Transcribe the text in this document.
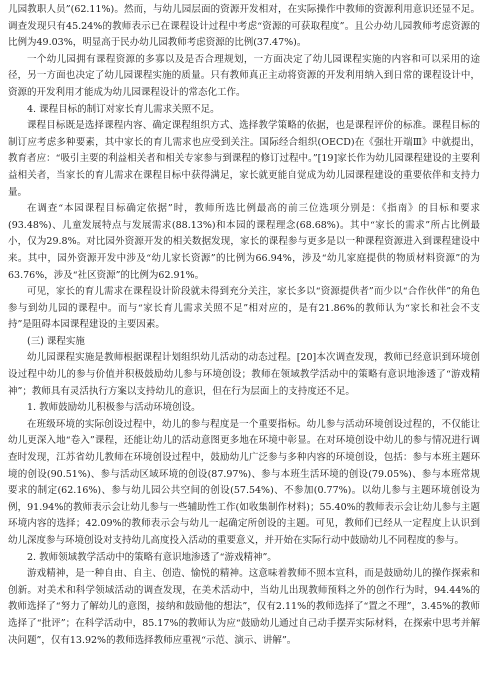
儿园教职人员”(62.11%)。然而，与幼儿园层面的资源开发相对，在实际操作中教师的资源利用意识还显不足。调查发现只有45.24%的教师表示已在课程设计过程中考虑“资源的可获取程度”。且公办幼儿园教师考虑资源的比例为49.03%，明显高于民办幼儿园教师考虑资源的比例(37.47%)。

一个幼儿园拥有课程资源的多寡以及是否合理规划，一方面决定了幼儿园课程实施的内容和可以采用的途径，另一方面也决定了幼儿园课程实施的质量。只有教师真正主动将资源的开发利用纳入到日常的课程设计中，资源的开发利用才能成为幼儿园课程设计的常态化工作。

4. 课程目标的制订对家长育儿需求关照不足。

课程目标既是选择课程内容、确定课程组织方式、选择教学策略的依据，也是课程评价的标准。课程目标的制订应考虑多种要素，其中家长的育儿需求也应受到关注。国际经合组织(OECD)在《强壮开端Ⅲ》中就提出，教育者应：“吸引主要的利益相关者和相关专家参与到课程的修订过程中。”[19]家长作为幼儿园课程建设的主要利益相关者，当家长的育儿需求在课程目标中获得满足，家长就更能自觉成为幼儿园课程建设的重要依伴和支持力量。

在调查“本园课程目标确定依据”时，教师所选比例最高的前三位选项分别是：《指南》的目标和要求(93.48%)、儿童发展特点与发展需求(88.13%)和本园的课程理念(68.68%)。其中“家长的需求”所占比例最小，仅为29.8%。对比园外资源开发的相关数据发现，家长的课程参与更多是以一种课程资源进入到课程建设中来。其中，园外资源开发中涉及“幼儿家长资源”的比例为66.94%，涉及“幼儿家庭提供的物质材料资源”的为63.76%，涉及“社区资源”的比例为62.91%。

可见，家长的育儿需求在课程设计阶段就未得到充分关注，家长多以“资源提供者”而少以“合作伙伴”的角色参与到幼儿园的课程中。而与“家长育儿需求关照不足”相对应的，是有21.86%的教师认为“家长和社会不支持”是阻碍本园课程建设的主要因素。

(三) 课程实施

幼儿园课程实施是教师根据课程计划组织幼儿活动的动态过程。[20]本次调查发现，教师已经意识到环境创设过程中幼儿的参与价值并积极鼓励幼儿参与环境创设；教师在领域教学活动中的策略有意识地渗透了“游戏精神”；教师具有灵活执行方案以支持幼儿的意识，但在行为层面上的支持度还不足。

1. 教师鼓励幼儿积极参与活动环境创设。

在班级环境的实际创设过程中，幼儿的参与程度是一个重要指标。幼儿参与活动环境创设过程的，不仅能让幼儿更深入地“卷入”课程，还能让幼儿的活动意图更多地在环境中彰显。在对环境创设中幼儿的参与情况进行调查时发现，江苏省幼儿教师在环境创设过程中，鼓励幼儿广泛参与多种内容的环境创设，包括：参与本班主题环境的创设(90.51%)、参与活动区域环境的创设(87.97%)、参与本班生活环境的创设(79.05%)、参与本班常规要求的制定(62.16%)、参与幼儿园公共空间的创设(57.54%)、不参加(0.77%)。以幼儿参与主题环境创设为例，91.94%的教师表示会让幼儿参与一些辅助性工作(如收集制作材料)；55.40%的教师表示会让幼儿参与主题环境内容的选择；42.09%的教师表示会与幼儿一起确定所创设的主题。可见，教师们已经从一定程度上认识到幼儿深度参与环境创设对支持幼儿高度投入活动的重要意义，并开始在实际行动中鼓励幼儿不同程度的参与。

2. 教师领域教学活动中的策略有意识地渗透了“游戏精神”。

游戏精神，是一种自由、自主、创造、愉悦的精神。这意味着教师不照本宣科，而是鼓励幼儿的操作探索和创新。对美术和科学领域活动的调查发现，在美术活动中，当幼儿出现教师预料之外的创作行为时，94.44%的教师选择了“努力了解幼儿的意图，接纳和鼓励他的想法”，仅有2.11%的教师选择了“置之不理”，3.45%的教师选择了“批评”；在科学活动中，85.17%的教师认为应“鼓励幼儿通过自己动手摆弄实际材料，在探索中思考并解决问题”，仅有13.92%的教师选择教师应重视“示范、演示、讲解”。
